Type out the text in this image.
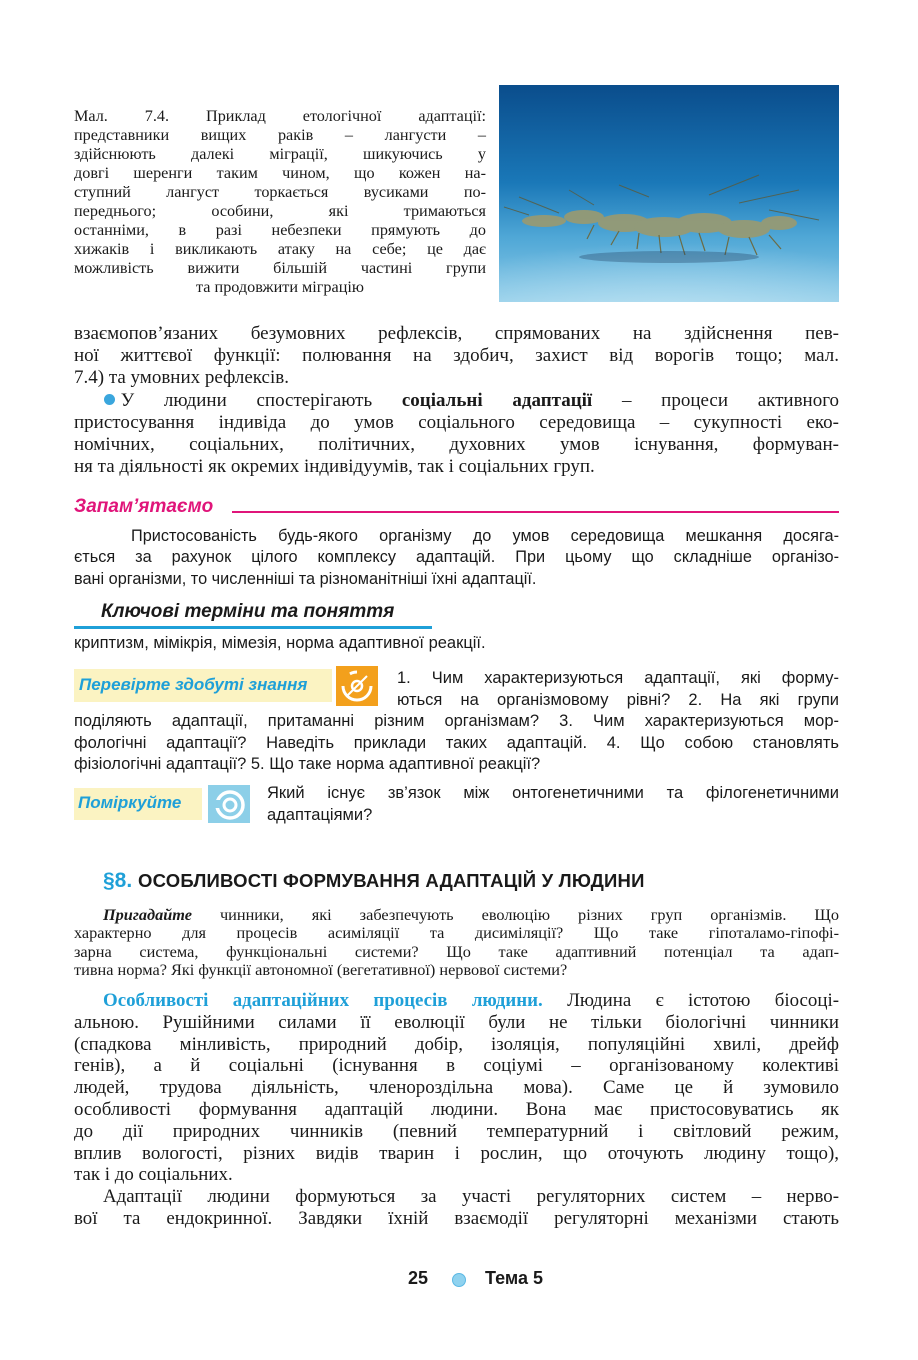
Мал. 7.4. Приклад етологічної адаптації:
представники вищих раків – лангусти –
здійснюють далекі міграції, шикуючись у
довгі шеренги таким чином, що кожен на-
ступний лангуст торкається вусиками по-
переднього; особини, які тримаються
останніми, в разі небезпеки прямують до
хижаків і викликають атаку на себе; це дає
можливість вижити більшій частині групи
та продовжити міграцію
взаємопов’язаних безумовних рефлексів, спрямованих на здійснення пев-
ної життєвої функції: полювання на здобич, захист від ворогів тощо; мал.
7.4) та умовних рефлексів.
У людини спостерігають соціальні адаптації – процеси активного
пристосування індивіда до умов соціального середовища – сукупності еко-
номічних, соціальних, політичних, духовних умов існування, формуван-
ня та діяльності як окремих індивідуумів, так і соціальних груп.
Запам’ятаємо
Пристосованість будь-якого організму до умов середовища мешкання досяга-
ється за рахунок цілого комплексу адаптацій. При цьому що складніше організо-
вані організми, то численніші та різноманітніші їхні адаптації.
Ключові терміни та поняття
криптизм, мімікрія, мімезія, норма адаптивної реакції.
1. Чим характеризуються адаптації, які форму-
ються на організмовому рівні? 2. На які групи
поділяють адаптації, притаманні різним організмам? 3. Чим характеризуються мор-
фологічні адаптації? Наведіть приклади таких адаптацій. 4. Що собою становлять
фізіологічні адаптації? 5. Що таке норма адаптивної реакції?
Перевірте здобуті знання
Поміркуйте	Який існує зв’язок між онтогенетичними та філогенетичними
адаптаціями?
§8. ОСОБЛИВОСТІ ФОРМУВАННЯ АДАПТАЦІЙ У ЛЮДИНИ
Пригадайте чинники, які забезпечують еволюцію різних груп організмів. Що
характерно для процесів асиміляції та дисиміляції? Що таке гіпоталамо-гіпофі-
зарна система, функціональні системи? Що таке адаптивний потенціал та адап-
тивна норма? Які функції автономної (вегетативної) нервової системи?
Особливості адаптаційних процесів людини. Людина є істотою біосоці-
альною. Рушійними силами її еволюції були не тільки біологічні чинники
(спадкова мінливість, природний добір, ізоляція, популяційні хвилі, дрейф
генів), а й соціальні (існування в соціумі – організованому колективі
людей, трудова діяльність, членороздільна мова). Саме це й зумовило
особливості формування адаптацій людини. Вона має пристосовуватись як
до дії природних чинників (певний температурний і світловий режим,
вплив вологості, різних видів тварин і рослин, що оточують людину тощо),
так і до соціальних.
Адаптації людини формуються за участі регуляторних систем – нерво-
вої та ендокринної. Завдяки їхній взаємодії регуляторні механізми стають
25	Тема 5
